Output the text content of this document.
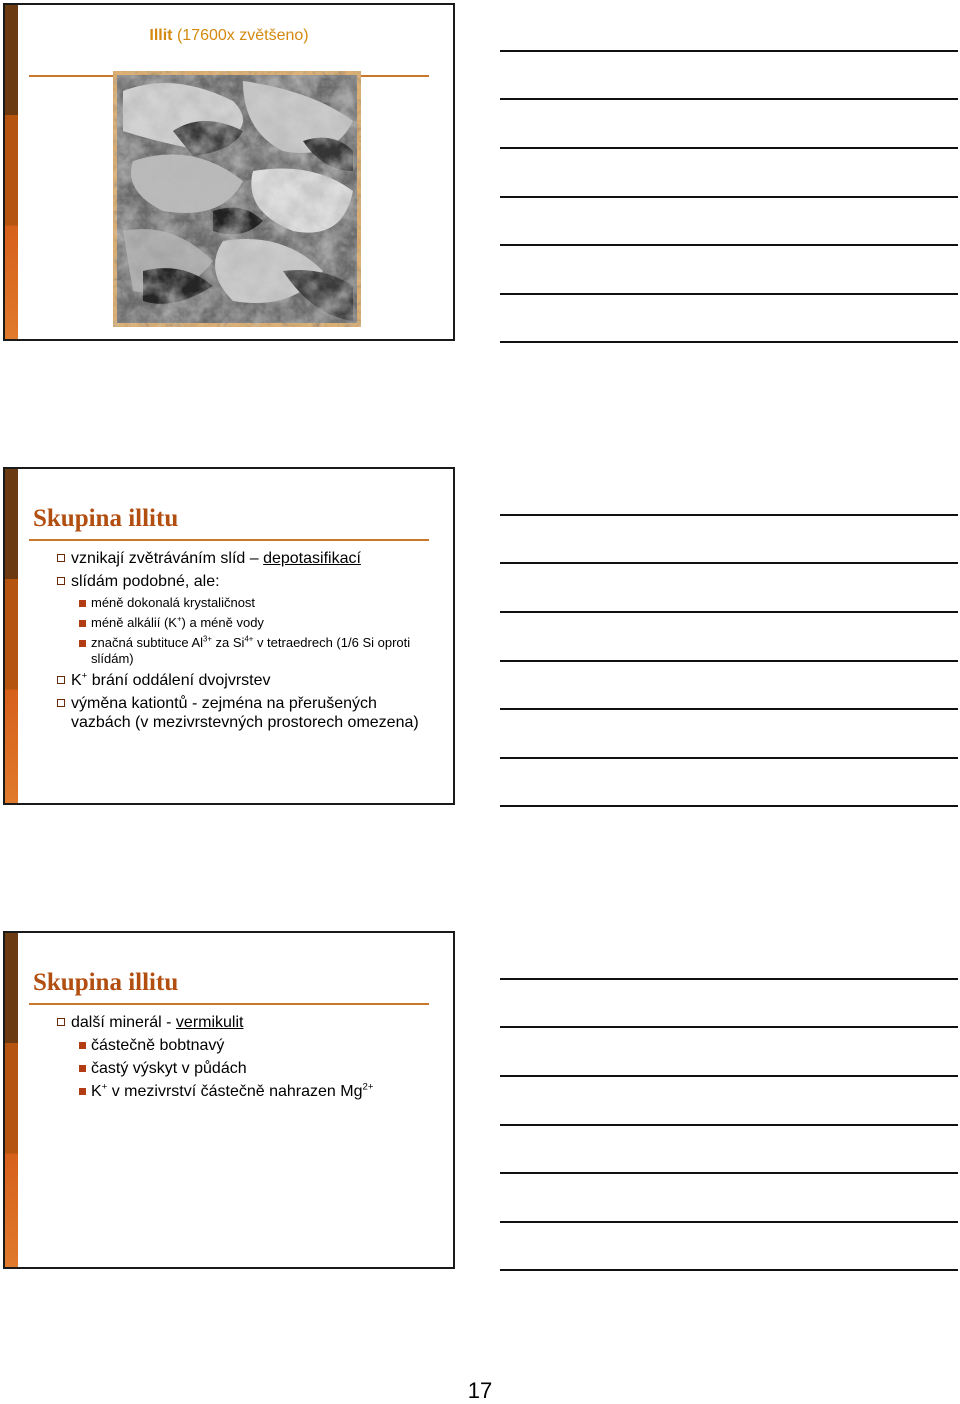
Illit (17600x zvětšeno)
Skupina illitu
vznikají zvětráváním slíd – depotasifikací
slídám podobné, ale:
méně dokonalá krystaličnost
méně alkálií (K+) a méně vody
značná subtituce $Al^{3+}$ za $Si^{4+}$ v tetraedrech (1/6 Si oproti slídám)
K+ brání oddálení dvojvrstev
výměna kationtů - zejména na přerušených vazbách (v mezivrstevných prostorech omezena)
Skupina illitu
další minerál - vermikulit
částečně bobtnavý
častý výskyt v půdách
K+ v mezivrství částečně nahrazen $Mg^{2+}$
17
